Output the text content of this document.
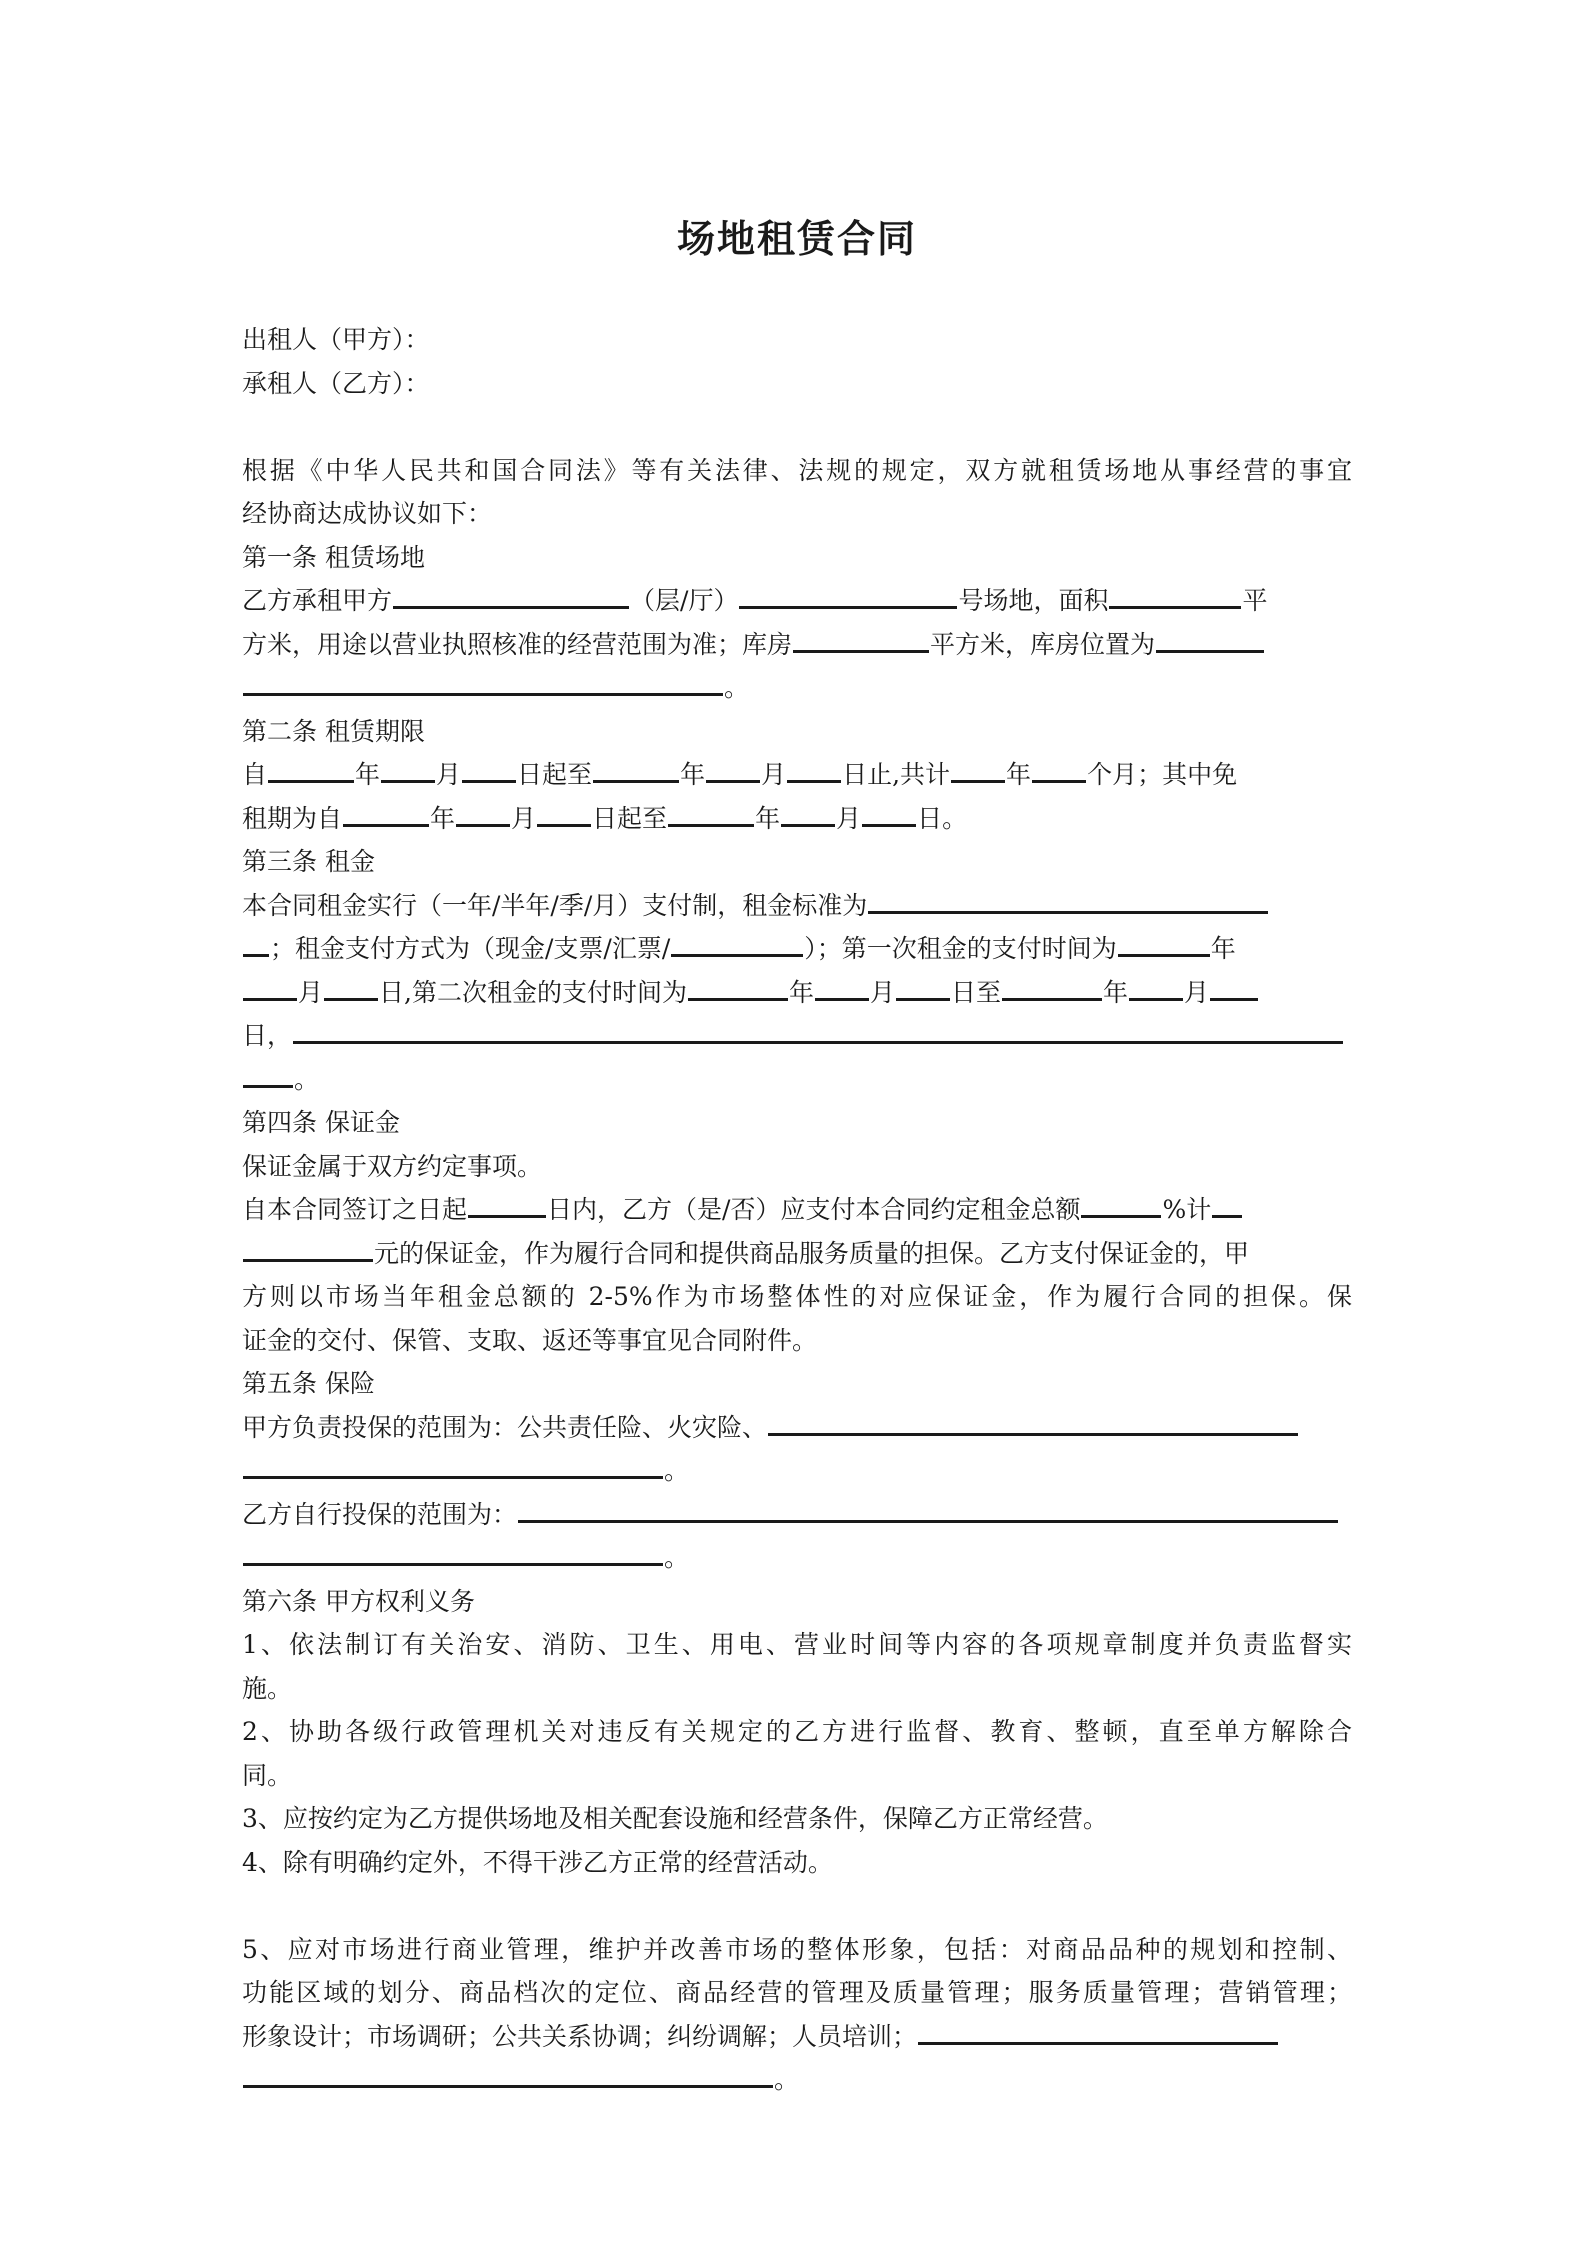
场地租赁合同
出租人（甲方）：
承租人（乙方）：
根据《中华人民共和国合同法》等有关法律、法规的规定，双方就租赁场地从事经营的事宜
经协商达成协议如下：
第一条 租赁场地
乙方承租甲方	（层/厅）	号场地，面积	平
方米，用途以营业执照核准的经营范围为准；库房	平方米，库房位置为
。
第二条 租赁期限
自	年 月 日起至	年 月 日止,共计 年 个月；其中免
租期为自	年 月 日起至	年 月 日。
第三条 租金
本合同租金实行（一年/半年/季/月）支付制，租金标准为
；租金支付方式为（现金/支票/汇票/	）；第一次租金的支付时间为	年
月 日,第二次租金的支付时间为	年 月 日至	年 月
日，
。
第四条 保证金
保证金属于双方约定事项。
自本合同签订之日起	日内，乙方（是/否）应支付本合同约定租金总额	%计
元的保证金，作为履行合同和提供商品服务质量的担保。乙方支付保证金的，甲
方则以市场当年租金总额的 2-5%作为市场整体性的对应保证金，作为履行合同的担保。保
证金的交付、保管、支取、返还等事宜见合同附件。
第五条 保险
甲方负责投保的范围为：公共责任险、火灾险、
。
乙方自行投保的范围为：
。
第六条 甲方权利义务
1、依法制订有关治安、消防、卫生、用电、营业时间等内容的各项规章制度并负责监督实
施。
2、协助各级行政管理机关对违反有关规定的乙方进行监督、教育、整顿，直至单方解除合
同。
3、应按约定为乙方提供场地及相关配套设施和经营条件，保障乙方正常经营。
4、除有明确约定外，不得干涉乙方正常的经营活动。
5、应对市场进行商业管理，维护并改善市场的整体形象，包括：对商品品种的规划和控制、
功能区域的划分、商品档次的定位、商品经营的管理及质量管理；服务质量管理；营销管理；
形象设计；市场调研；公共关系协调；纠纷调解；人员培训；
。
